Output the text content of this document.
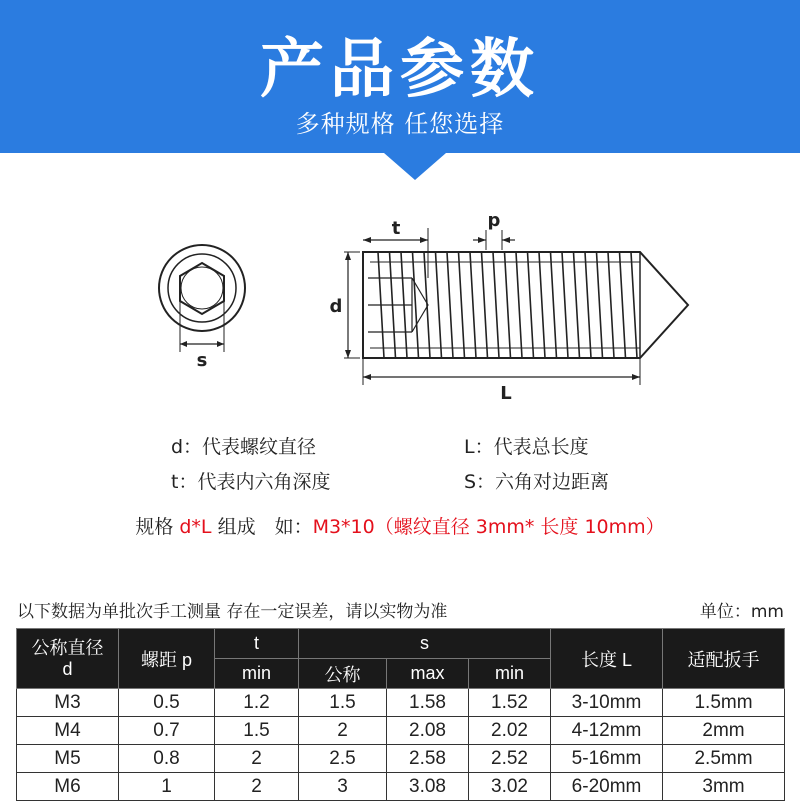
产品参数
多种规格 任您选择
s
t	p
d
L
d：代表螺纹直径	L：代表总长度
t：代表内六角深度	S：六角对边距离
规格 d*L 组成　如：M3*10（螺纹直径 3mm* 长度 10mm）
以下数据为单批次手工测量 存在一定误差，请以实物为准	单位：mm
公称直径
d	螺距 p	t	s			长度 L	适配扳手
		min	公称	max	min		
M3	0.5	1.2	1.5	1.58	1.52	3-10mm	1.5mm
M4	0.7	1.5	2	2.08	2.02	4-12mm	2mm
M5	0.8	2	2.5	2.58	2.52	5-16mm	2.5mm
M6	1	2	3	3.08	3.02	6-20mm	3mm
